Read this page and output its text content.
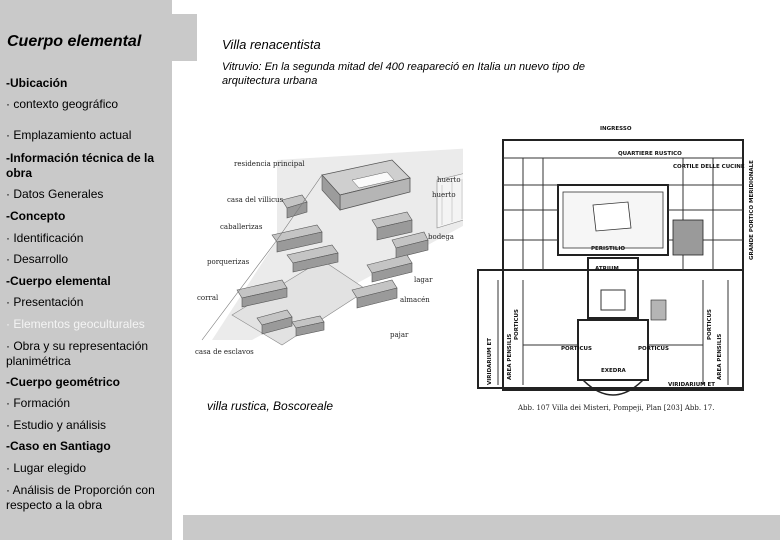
Cuerpo elemental
-Ubicación
· contexto geográfico
· Emplazamiento actual
-Información técnica de la obra
· Datos Generales
-Concepto
· Identificación
· Desarrollo
-Cuerpo elemental
· Presentación
· Elementos geoculturales
· Obra y su representación planimétrica
-Cuerpo geométrico
· Formación
· Estudio y análisis
-Caso en Santiago
· Lugar elegido
· Análisis de Proporción con respecto a la obra
Villa renacentista
Vitruvio: En la segunda mitad del 400 reapareció en Italia un nuevo tipo de arquitectura urbana
residencia principal
huerto
casa del villicus
huerto
caballerizas
bodega
porquerizas
lagar
corral	almacén
pajar
casa de esclavos
villa rustica, Boscoreale
INGRESSO
QUARTIERE RUSTICO
CORTILE DELLE CUCINE
PERISTILIO
ATRIUM
PORTICUS	PORTICUS
EXEDRA
GRANDE PORTICO MERIDIONALE
PORTICUS	PORTICUS
AREA PENSILIS	AREA PENSILIS
VIRIDARIUM ET	VIRIDARIUM ET
Abb. 107 Villa dei Misteri, Pompeji, Plan [203] Abb. 17.
